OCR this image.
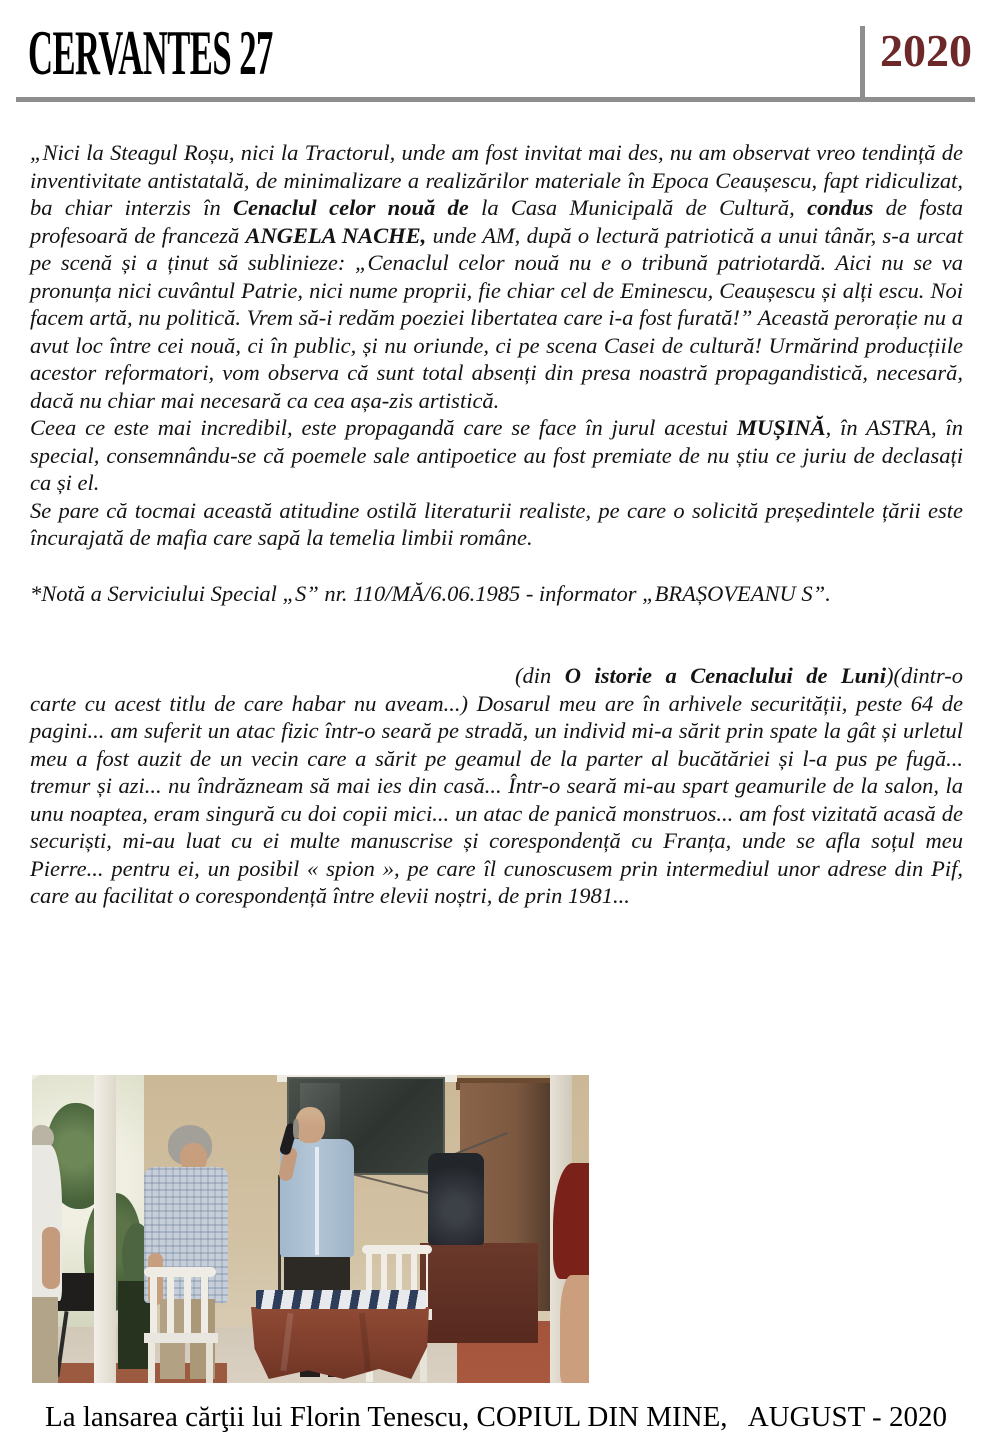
CERVANTES 27	2020

„Nici la Steagul Roșu, nici la Tractorul, unde am fost invitat mai des, nu am observat vreo tendință de inventivitate antistatală, de minimalizare a realizărilor materiale în Epoca Ceaușescu, fapt ridiculizat, ba chiar interzis în Cenaclul celor nouă de la Casa Municipală de Cultură, condus de fosta profesoară de franceză ANGELA NACHE, unde AM, după o lectură patriotică a unui tânăr, s-a urcat pe scenă și a ținut să sublinieze: „Cenaclul celor nouă nu e o tribună patriotardă. Aici nu se va pronunța nici cuvântul Patrie, nici nume proprii, fie chiar cel de Eminescu, Ceaușescu și alți escu. Noi facem artă, nu politică. Vrem să-i redăm poeziei libertatea care i-a fost furată!” Această perorație nu a avut loc între cei nouă, ci în public, și nu oriunde, ci pe scena Casei de cultură! Urmărind producțiile acestor reformatori, vom observa că sunt total absenți din presa noastră propagandistică, necesară, dacă nu chiar mai necesară ca cea așa-zis artistică.

Ceea ce este mai incredibil, este propagandă care se face în jurul acestui MUȘINĂ, în ASTRA, în special, consemnându-se că poemele sale antipoetice au fost premiate de nu știu ce juriu de declasați ca și el.

Se pare că tocmai această atitudine ostilă literaturii realiste, pe care o solicită președintele țării este încurajată de mafia care sapă la temelia limbii române.

*Notă a Serviciului Special „S” nr. 110/MĂ/6.06.1985 - informator „BRAȘOVEANU S”.

(din O istorie a Cenaclului de Luni)(dintr-o carte cu acest titlu de care habar nu aveam...) Dosarul meu are în arhivele securității, peste 64 de pagini... am suferit un atac fizic într-o seară pe stradă, un individ mi-a sărit prin spate la gât și urletul meu a fost auzit de un vecin care a sărit pe geamul de la parter al bucătăriei și l-a pus pe fugă... tremur și azi... nu îndrăzneam să mai ies din casă... Într-o seară mi-au spart geamurile de la salon, la unu noaptea, eram singură cu doi copii mici... un atac de panică monstruos... am fost vizitată acasă de securiști, mi-au luat cu ei multe manuscrise și corespondență cu Franța, unde se afla soțul meu Pierre... pentru ei, un posibil « spion », pe care îl cunoscusem prin intermediul unor adrese din Pif, care au facilitat o corespondență între elevii noștri, de prin 1981...

La lansarea cărţii lui Florin Tenescu, COPIUL DIN MINE,   AUGUST - 2020
